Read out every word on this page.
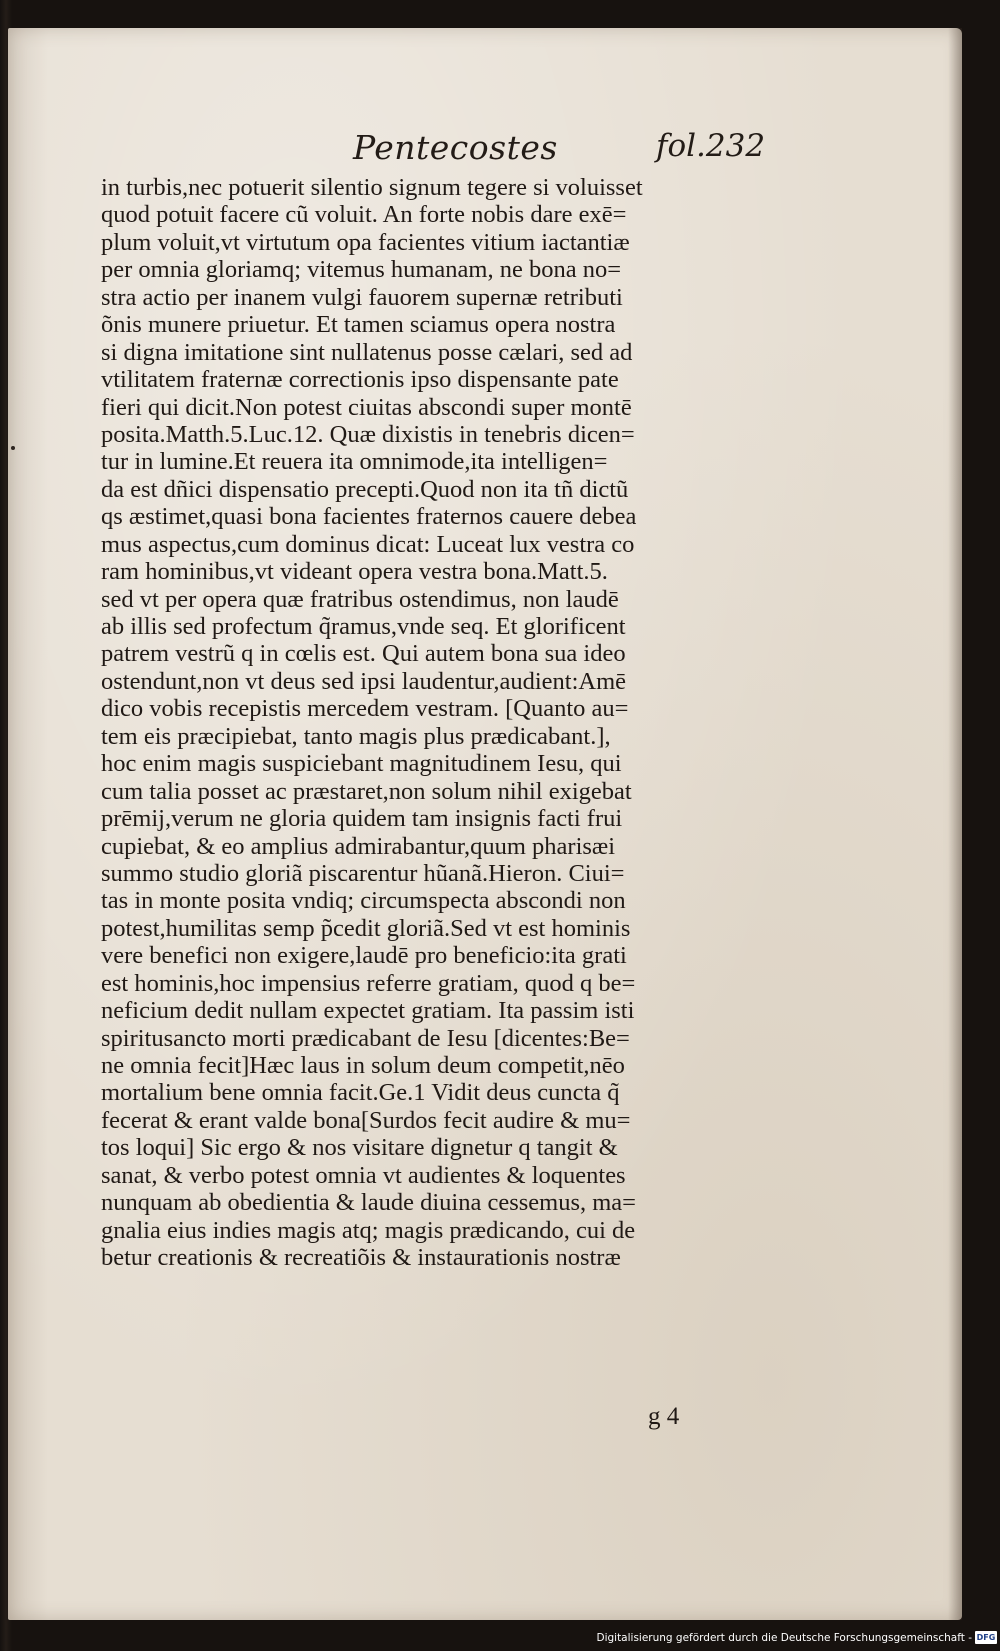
Pentecostes	fol.232
in turbis,nec potuerit silentio signum tegere si voluisset
quod potuit facere cũ voluit. An forte nobis dare exē=
plum voluit,vt virtutum opa facientes vitium iactantiæ
per omnia gloriamq; vitemus humanam, ne bona no=
stra actio per inanem vulgi fauorem supernæ retributi
õnis munere priuetur. Et tamen sciamus opera nostra
si digna imitatione sint nullatenus posse cælari, sed ad
vtilitatem fraternæ correctionis ipso dispensante pate
fieri qui dicit.Non potest ciuitas abscondi super montē
posita.Matth.5.Luc.12. Quæ dixistis in tenebris dicen=
tur in lumine.Et reuera ita omnimode,ita intelligen=
da est dñici dispensatio precepti.Quod non ita tñ dictũ
qs æstimet,quasi bona facientes fraternos cauere debea
mus aspectus,cum dominus dicat: Luceat lux vestra co
ram hominibus,vt videant opera vestra bona.Matt.5.
sed vt per opera quæ fratribus ostendimus, non laudē
ab illis sed profectum q̃ramus,vnde seq. Et glorificent
patrem vestrũ q in cœlis est. Qui autem bona sua ideo
ostendunt,non vt deus sed ipsi laudentur,audient:Amē
dico vobis recepistis mercedem vestram. [Quanto au=
tem eis præcipiebat, tanto magis plus prædicabant.],
hoc enim magis suspiciebant magnitudinem Iesu, qui
cum talia posset ac præstaret,non solum nihil exigebat
prēmij,verum ne gloria quidem tam insignis facti frui
cupiebat, & eo amplius admirabantur,quum pharisæi
summo studio gloriã piscarentur hũanã.Hieron. Ciui=
tas in monte posita vndiq; circumspecta abscondi non
potest,humilitas semp p̃cedit gloriã.Sed vt est hominis
vere benefici non exigere,laudē pro beneficio:ita grati
est hominis,hoc impensius referre gratiam, quod q be=
neficium dedit nullam expectet gratiam. Ita passim isti
spiritusancto morti prædicabant de Iesu [dicentes:Be=
ne omnia fecit]Hæc laus in solum deum competit,nēo
mortalium bene omnia facit.Ge.1 Vidit deus cuncta q̃
fecerat & erant valde bona[Surdos fecit audire & mu=
tos loqui] Sic ergo & nos visitare dignetur q tangit &
sanat, & verbo potest omnia vt audientes & loquentes
nunquam ab obedientia & laude diuina cessemus, ma=
gnalia eius indies magis atq; magis prædicando, cui de
betur creationis & recreatiõis & instaurationis nostræ
g 4
Digitalisierung gefördert durch die Deutsche Forschungsgemeinschaft - DFG
